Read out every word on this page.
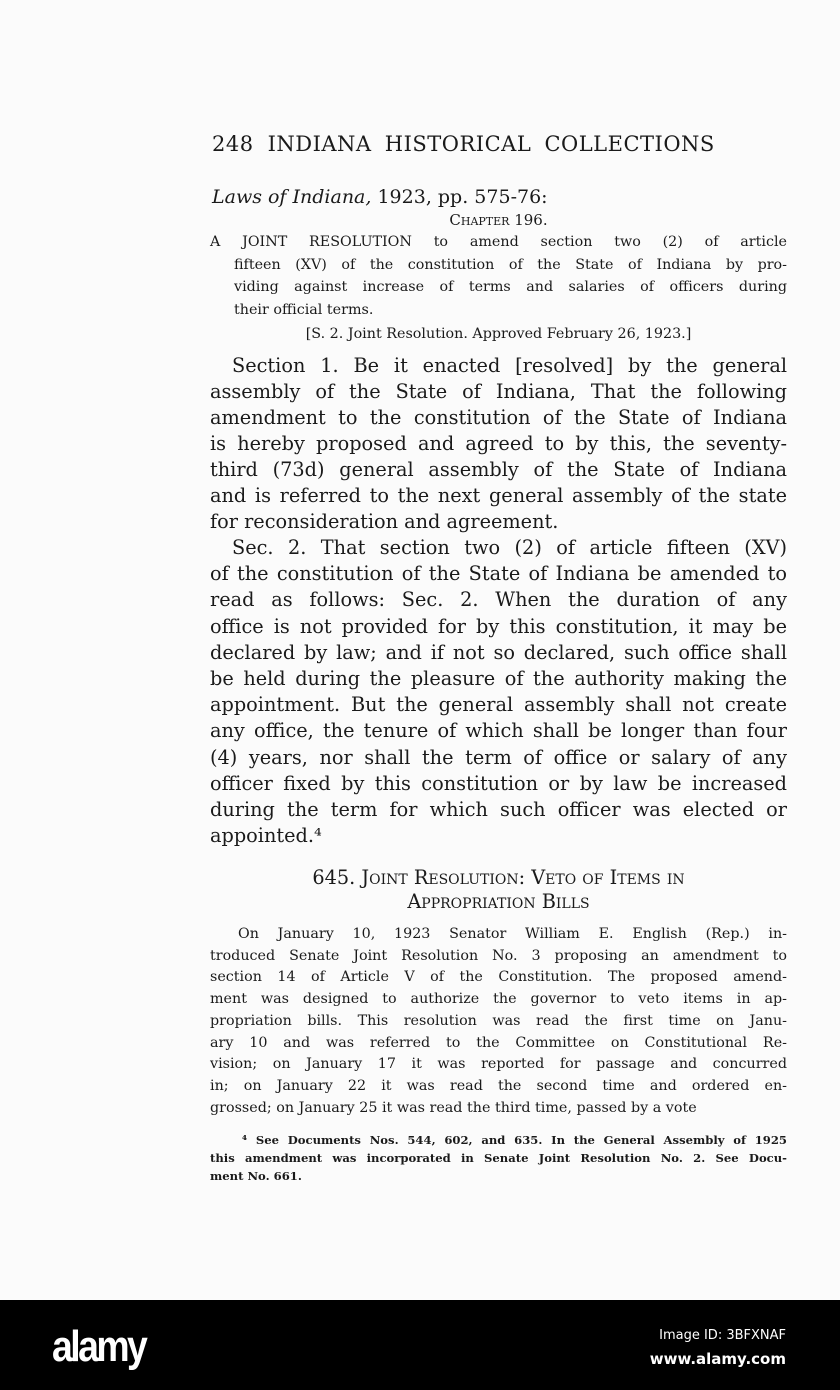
248 INDIANA HISTORICAL COLLECTIONS
Laws of Indiana, 1923, pp. 575-76:
Chapter 196.
A JOINT RESOLUTION to amend section two (2) of article
fifteen (XV) of the constitution of the State of Indiana by pro-
viding against increase of terms and salaries of officers during
their official terms.
[S. 2. Joint Resolution. Approved February 26, 1923.]
Section 1. Be it enacted [resolved] by the general
assembly of the State of Indiana, That the following
amendment to the constitution of the State of Indiana
is hereby proposed and agreed to by this, the seventy-
third (73d) general assembly of the State of Indiana
and is referred to the next general assembly of the state
for reconsideration and agreement.
Sec. 2. That section two (2) of article fifteen (XV)
of the constitution of the State of Indiana be amended to
read as follows: Sec. 2. When the duration of any
office is not provided for by this constitution, it may be
declared by law; and if not so declared, such office shall
be held during the pleasure of the authority making the
appointment. But the general assembly shall not create
any office, the tenure of which shall be longer than four
(4) years, nor shall the term of office or salary of any
officer fixed by this constitution or by law be increased
during the term for which such officer was elected or
appointed.⁴
645. Joint Resolution: Veto of Items in
Appropriation Bills
On January 10, 1923 Senator William E. English (Rep.) in-
troduced Senate Joint Resolution No. 3 proposing an amendment to
section 14 of Article V of the Constitution. The proposed amend-
ment was designed to authorize the governor to veto items in ap-
propriation bills. This resolution was read the first time on Janu-
ary 10 and was referred to the Committee on Constitutional Re-
vision; on January 17 it was reported for passage and concurred
in; on January 22 it was read the second time and ordered en-
grossed; on January 25 it was read the third time, passed by a vote
⁴ See Documents Nos. 544, 602, and 635. In the General Assembly of 1925
this amendment was incorporated in Senate Joint Resolution No. 2. See Docu-
ment No. 661.
alamy	Image ID: 3BFXNAF
www.alamy.com
